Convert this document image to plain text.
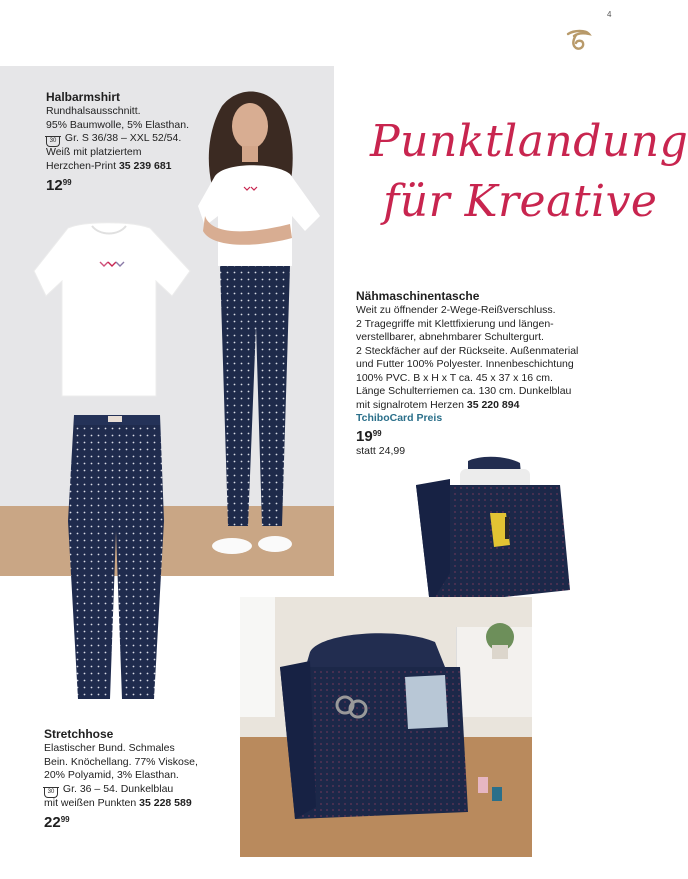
4
Punktlandung
für Kreative
Halbarmshirt
Rundhalsausschnitt.
95% Baumwolle, 5% Elasthan.
30 Gr. S 36/38 – XXL 52/54.
Weiß mit platziertem
Herzchen-Print 35 239 681
$12^{99}$
Nähmaschinentasche
Weit zu öffnender 2-Wege-Reißverschluss.
2 Tragegriffe mit Klettfixierung und längen-
verstellbarer, abnehmbarer Schultergurt.
2 Steckfächer auf der Rückseite. Außenmaterial
und Futter 100% Polyester. Innenbeschichtung
100% PVC. B x H x T ca. 45 x 37 x 16 cm.
Länge Schulterriemen ca. 130 cm. Dunkelblau
mit signalrotem Herzen 35 220 894
TchiboCard Preis
$19^{99}$
statt 24,99
Stretchhose
Elastischer Bund. Schmales
Bein. Knöchellang. 77% Viskose,
20% Polyamid, 3% Elasthan.
30 Gr. 36 – 54. Dunkelblau
mit weißen Punkten 35 228 589
$22^{99}$
